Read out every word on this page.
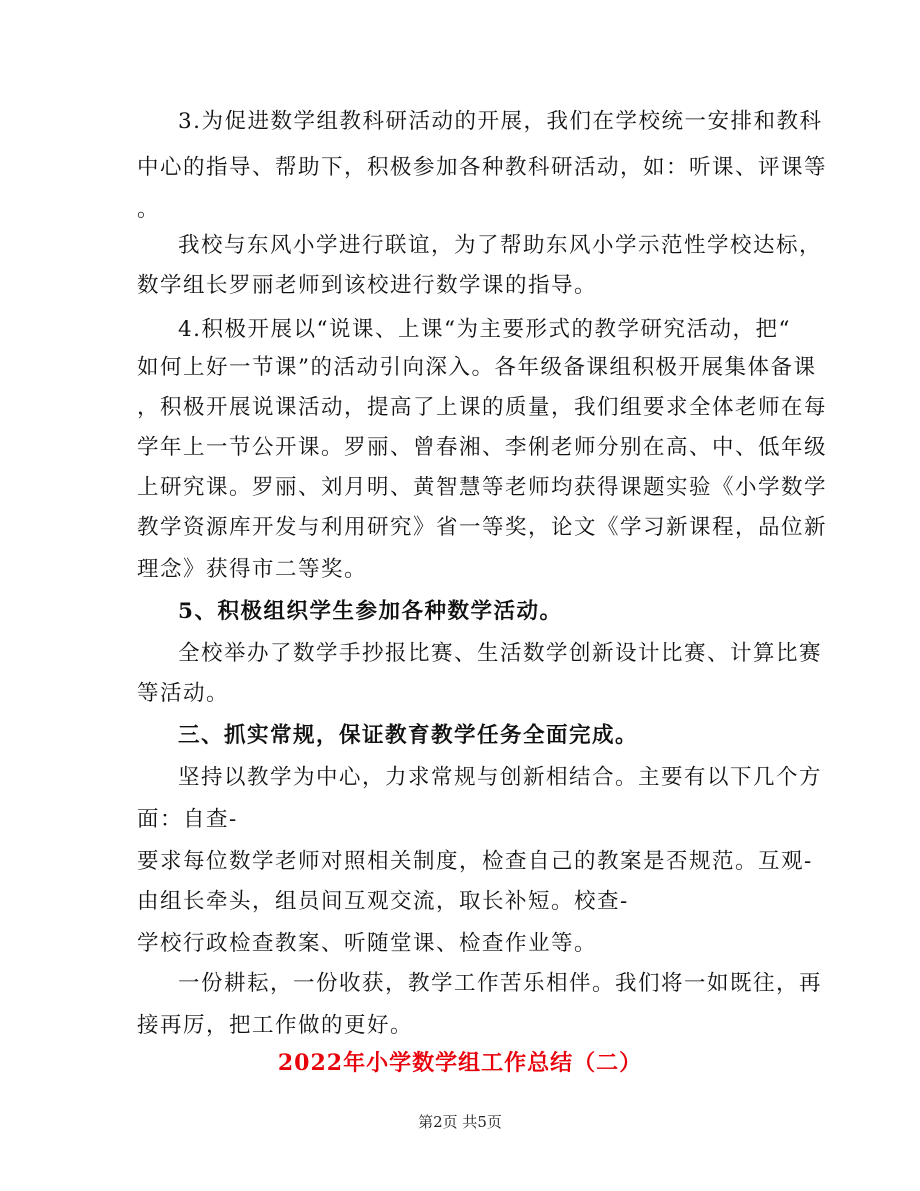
3.为促进数学组教科研活动的开展，我们在学校统一安排和教科
中心的指导、帮助下，积极参加各种教科研活动，如：听课、评课等
。
我校与东风小学进行联谊，为了帮助东风小学示范性学校达标，
数学组长罗丽老师到该校进行数学课的指导。
4.积极开展以“说课、上课“为主要形式的教学研究活动，把“
如何上好一节课”的活动引向深入。各年级备课组积极开展集体备课
，积极开展说课活动，提高了上课的质量，我们组要求全体老师在每
学年上一节公开课。罗丽、曾春湘、李俐老师分别在高、中、低年级
上研究课。罗丽、刘月明、黄智慧等老师均获得课题实验《小学数学
教学资源库开发与利用研究》省一等奖，论文《学习新课程，品位新
理念》获得市二等奖。
5、积极组织学生参加各种数学活动。
全校举办了数学手抄报比赛、生活数学创新设计比赛、计算比赛
等活动。
三、抓实常规，保证教育教学任务全面完成。
坚持以教学为中心，力求常规与创新相结合。主要有以下几个方
面：自查-
要求每位数学老师对照相关制度，检查自己的教案是否规范。互观-
由组长牵头，组员间互观交流，取长补短。校查-
学校行政检查教案、听随堂课、检查作业等。
一份耕耘，一份收获，教学工作苦乐相伴。我们将一如既往，再
接再厉，把工作做的更好。
2022年小学数学组工作总结（二）
第2页 共5页
